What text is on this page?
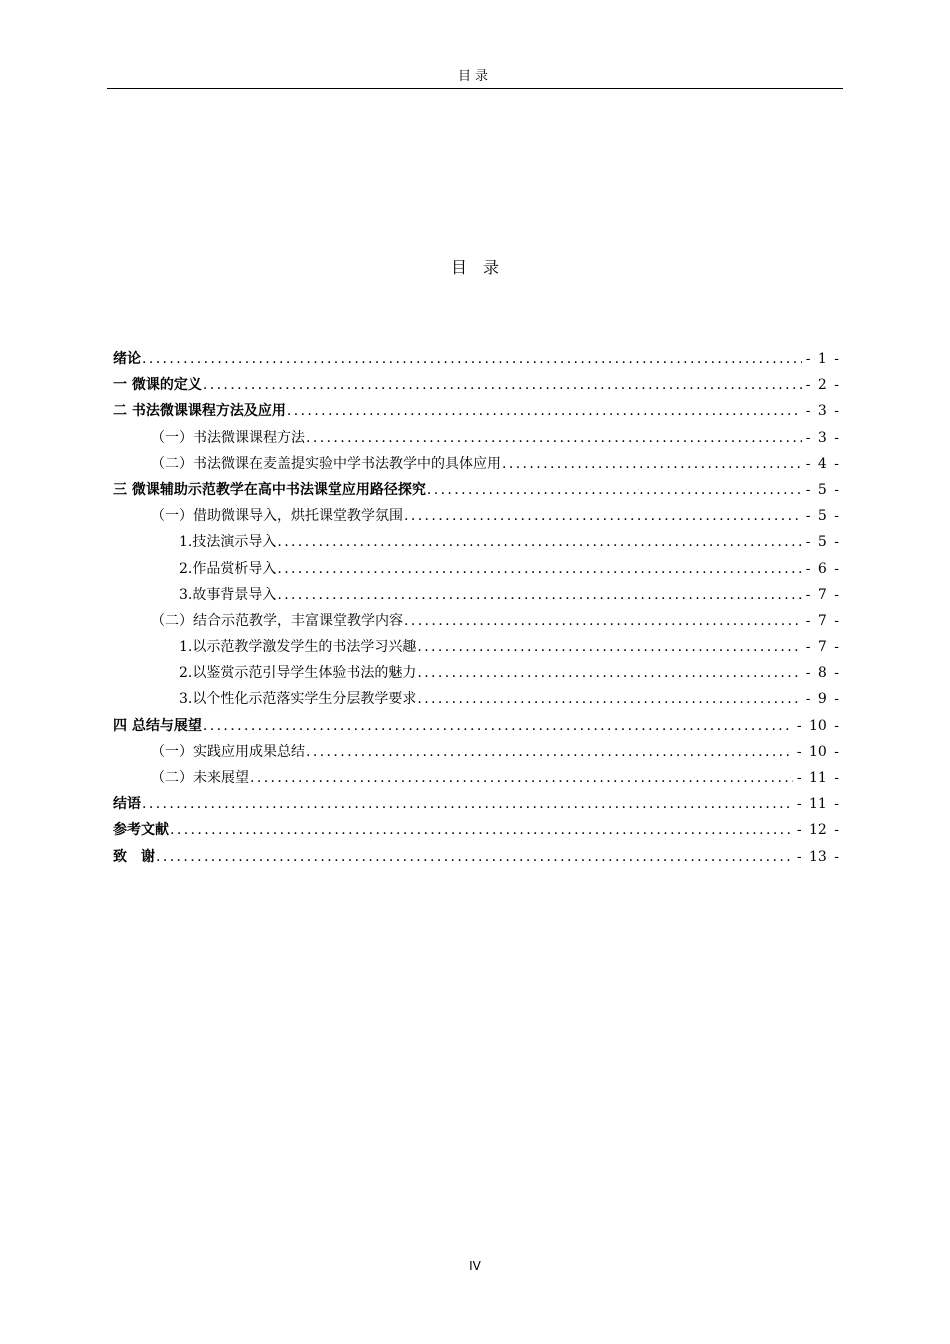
目录
目　录
绪论 .....	- 1 -
一 微课的定义 .....	- 2 -
二 书法微课课程方法及应用 .....	- 3 -
（一）书法微课课程方法 .....	- 3 -
（二）书法微课在麦盖提实验中学书法教学中的具体应用 .....	- 4 -
三 微课辅助示范教学在高中书法课堂应用路径探究 .....	- 5 -
（一）借助微课导入，烘托课堂教学氛围 .....	- 5 -
1.技法演示导入 .....	- 5 -
2.作品赏析导入 .....	- 6 -
3.故事背景导入 .....	- 7 -
（二）结合示范教学，丰富课堂教学内容 .....	- 7 -
1.以示范教学激发学生的书法学习兴趣 .....	- 7 -
2.以鉴赏示范引导学生体验书法的魅力 .....	- 8 -
3.以个性化示范落实学生分层教学要求 .....	- 9 -
四 总结与展望 .....	- 10 -
（一）实践应用成果总结 .....	- 10 -
（二）未来展望 .....	- 11 -
结语 .....	- 11 -
参考文献 .....	- 12 -
致　谢 .....	- 13 -
IV
